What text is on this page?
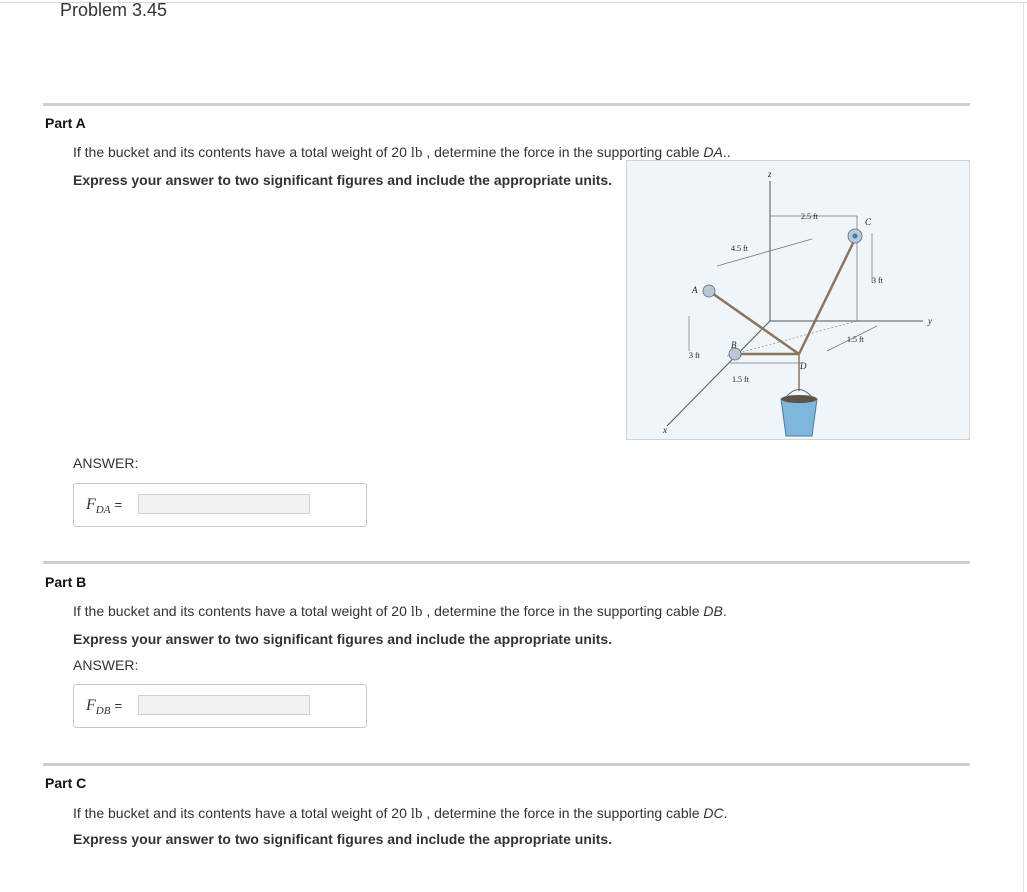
Problem 3.45
Part A
If the bucket and its contents have a total weight of 20 lb , determine the force in the supporting cable DA..
Express your answer to two significant figures and include the appropriate units.	z
y
x
A
B
C
D
2.5 ft
4.5 ft
3 ft
1.5 ft
3 ft
1.5 ft
ANSWER:
$F_{DA}$ =
Part B
If the bucket and its contents have a total weight of 20 lb , determine the force in the supporting cable DB.
Express your answer to two significant figures and include the appropriate units.
ANSWER:
$F_{DB}$ =
Part C
If the bucket and its contents have a total weight of 20 lb , determine the force in the supporting cable DC.
Express your answer to two significant figures and include the appropriate units.
